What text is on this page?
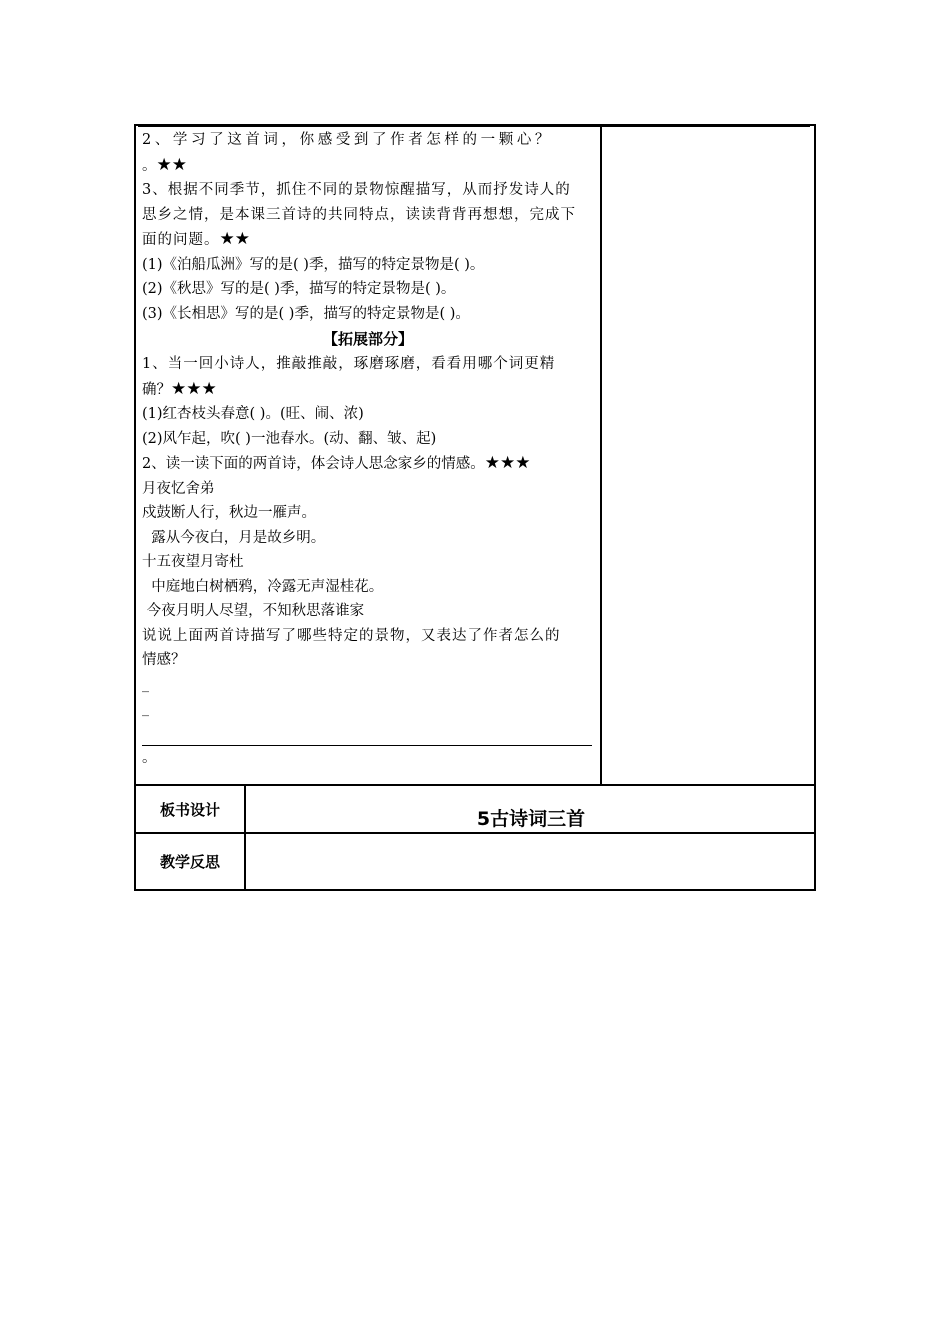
2、学习了这首词，你感受到了作者怎样的一颗心？
。★★
3、根据不同季节，抓住不同的景物惊醒描写，从而抒发诗人的
思乡之情，是本课三首诗的共同特点，读读背背再想想，完成下
面的问题。★★
(1)《泊船瓜洲》写的是( )季，描写的特定景物是( )。
(2)《秋思》写的是( )季，描写的特定景物是( )。
(3)《长相思》写的是( )季，描写的特定景物是( )。
【拓展部分】
1、当一回小诗人，推敲推敲，琢磨琢磨，看看用哪个词更精
确？★★★
(1)红杏枝头春意( )。(旺、闹、浓)
(2)风乍起，吹( )一池春水。(动、翻、皱、起)
2、读一读下面的两首诗，体会诗人思念家乡的情感。★★★
月夜忆舍弟
戍鼓断人行，秋边一雁声。
露从今夜白，月是故乡明。
十五夜望月寄杜
中庭地白树栖鸦，冷露无声湿桂花。
今夜月明人尽望，不知秋思落谁家
说说上面两首诗描写了哪些特定的景物，又表达了作者怎么的
情感？
_
_
。
板书设计	5古诗词三首
教学反思
